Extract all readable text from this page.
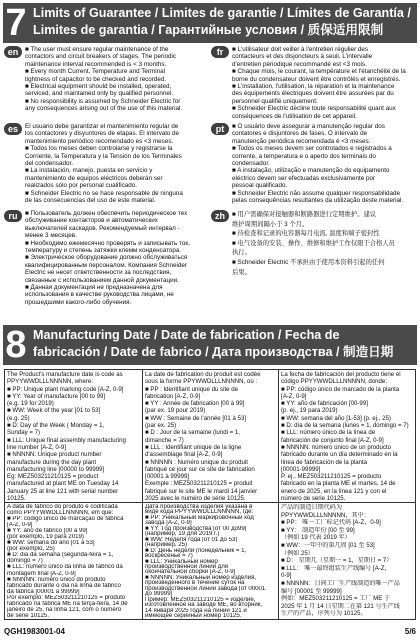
7 Limits of Guarantee / Limites de garantie / Límites de Garantía /
Limites de garantia / Гарантийные условия / 质保适用限制
en	■ The user must ensure regular maintenance of the
contactors and circuit breakers of stages. The periodic
maintenance interval recommended is < 3 months.
■ Every month Current, Temperature and Terminal
tightness of capacitor to be checked and recorded.
■ Electrical equipment should be installed, operated,
serviced, and maintained only by qualified personnel.
■ No responsibility is assumed by Schneider Electric for
any consequences arising out of the use of this material.
fr	■ L'utilisateur doit veiller à l'entretien régulier des
contacteurs et des disjoncteurs à seuil. L'intervalle
d'entretien périodique recommandé est <3 mois.
■ Chaque mois, le courant, la température et l'étanchéité de la
borne du condensateur doivent être contrôlés et enregistrés.
■ L'installation, l'utilisation, la réparation et la maintenance
des équipements électriques doivent être assurées par du
personnel qualifié uniquement.
■ Schneider Electric décline toute responsabilité quant aux
conséquences de l'utilisation de cet appareil.
es	El usuario debe garantizar el mantenimiento regular de
los contactores y disyuntores de etapas. El intervalo de
mantenimiento periódico recomendado es <3 meses.
■ Todos los meses deben controlarse y registrarse la
Corriente, la Temperatura y la Tensión de los Terminales
del condensador.
■ La instalación, manejo, puesta en servicio y
mantenimiento de equipos eléctricos deberán ser
realizados sólo por personal cualificado.
■ Schneider Electric no se hace responsable de ninguna
de las consecuencias del uso de este material.
pt	■ O usuário deve assegurar a manutenção regular dos
contatores e disjuntores de fases. O intervalo de
manutenção periódica recomendada é <3 meses.
■ Todos os meses devem ser controlados e registrados a
corrente, a temperatura e o aperto dos terminais do
condensador.
■ A instalação, utilização e manutenção do equipamento
eléctrico devem ser efectuadas exclusivamente por
pessoal qualificado.
■ Schneider Electric não assume qualquer responsabilidade
pelas consequências resultantes da utilização deste material.
ru	■ Пользователь должен обеспечить периодическое тех
обслуживание контакторов и автоматических
выключателей каскадов. Рекомендуемый интервал -
менее 3 месяцев.
■ Необходимо ежемесячно проверять и записывать ток,
температуру и степень затяжки клемм конденсатора.
■ Электрическое оборудование должно обслуживаться
квалифицированным персоналом. Компания Schneider
Electric не несет ответственности за последствия,
связанные с использованием данной документации.
■ Данная документация не предназначена для
использования в качестве руководства лицами, не
прошедшими какого-либо обучения.
zh	■ 用户需确保对接触器和断路器进行定期维护。建议
维护周期间隔小于 3 个月。
■ 待检查和记录的电容器每月电流, 温度和端子密封性
■ 电气设备的安装、操作、维修和维护工作仅限于合格人员
执行。
■ Schneider Electric 不承担由于使用本资料引起的任何
后果。
8 Manufacturing Date / Date de fabrication / Fecha de
fabricación / Date de fabrico / Дата производства / 制造日期
The Product's manufacture date is code as
PPYYWWDLLLNNNNN, where:
■ PP: Unique plant marking code [A-Z, 0-9]
■ YY: Year of manufacture [00 to 99]
(e.g. 19 for 2019)
■ WW: Week of the year [01 to 53]
(e.g. 25)
■ D: Day of the Week ( Monday = 1,
Sunday = 7)
■ LLL: Unique final assembly manufacturing
line number [A-Z, 0-9]
■ NNNNN: Unique product number
manufacture during the day plant
manufacturing line [00000 to 99999]
Eg: MEZ503211210125 = product
manufactured at plant ME on Tuesday 14
January 25 at line 121 with serial number
10125.
La date de fabrication du produit est codée
sous la forme PPYWWDLLLNNNNN, où :
■ PP : Identifiant unique du site de
fabrication [A-Z, 0-9]
■ YY : Année de fabrication [00 à 99]
(par ex. 19 pour 2019)
■ WW : Semaine de l'année [01 à 53]
(par ex. 25)
■ D : Jour de la semaine (lundi = 1,
dimanche = 7)
■ LLL : Identifiant unique de la ligne
d'assemblage final [A-Z, 0-9]
■ NNNNN : Numéro unique du produit
fabriqué ce jour sur ce site de fabrication
[00001 à 99999]
Exemple : MEZ503211210125 = produit
fabriqué sur le site ME le mardi 14 janvier
2025 avec le numéro de série 10125.
La fecha de fabricación del producto tiene el
código PPYYWWDLLLNNNNN, donde:
■ PP: código único de marcado de la planta
[A-Z, 0-9]
■ YY: año de fabricación [00-99]
(p. ej., 19 para 2019)
■ WW: semana del año [1-53] (p. ej., 25)
■ D: día de la semana (lunes = 1, domingo = 7)
■ LLL: número único de la línea de
fabricación de conjunto final [A-Z, 0-9]
■ NNNNN: número único de un producto
fabricado durante un día determinado en la
línea de fabricación de la planta
[00001-99999]
P. ej., MEZ503211210125 = producto
fabricado en la planta ME el martes, 14 de
enero de 2025, en la línea 121 y con el
número de serie 10125.
A data de fabrico do produto é codificada
como PPYYWWDLLLNNNNN, em que:
■ PP: código único de marcação de fábrica
[A-Z, 0-9]
■ YY: ano de fabrico [00 a 99]
(por exemplo, 19 para 2019)
■ WW: semana do ano [01 a 53]
(por exemplo, 25)
■ D: dia da semana (segunda-feira = 1,
domingo = 7)
■ LLL: número único da linha de fabrico da
montagem final [A-Z, 0-9]
■ NNNNN: número único do produto
fabricado durante o dia na linha de fabrico
da fábrica [00001 a 99999]
Por exemplo: MEZ503211210125 = produto
fabricado na fábrica ME na terça-feira, 14 de
janeiro de 25, na linha 121, com o número
de série 10125.
Дата производства изделия указана в
виде кода PPYYWWDLLLNNNNN, где:
■ PP: Уникальный маркировочный код
завода [A-Z, 0-9]
■ YY: Год производства [от 00 до99]
(например, 19 для 2019 г.)
■ WW: Неделя года [от 01 до 53]
(например, 25)
■ D: День недели (понедельник = 1,
воскресенье = 7)
■ LLL: Уникальный номер
производственной линии для
окончательной сборки [A-Z, 0-9]
■ NNNNN: Уникальный номер изделия,
произведенного в течение суток на
производственной линии завода [от 00001
до 99999]
Пример: MEZ503211210125 = изделие,
изготовленное на заводе ME, во вторник,
14 января 2025 года на линии 121 и
имеющее серийный номер 10125.
产品的制造日期代码为
PPYYWWDLLLNNNNN，其中：
■ PP： 唯一工厂标记代码 [A-Z，0-9]
■ YY： 制造年份 [00 至 99]
（例如 19 代表 2019 年）
■ WW：一年中的第几周 [01 至 53]
（例如 25）
■ D： 星期几（星期一 = 1，星期日 = 7）
■ LLL： 唯一最终组装生产线编号 [A-Z，
0-9]
■ NNNNN：日间工厂生产线制造的唯一产品
编号 [00001 至 99999]
例如：MEZ503211210125 = 工厂 ME 于
2025 年 1 月 14 日星期二在第 121 号生产线
生产的产品，序列号为 10125。
QGH1983001-04	5/6
